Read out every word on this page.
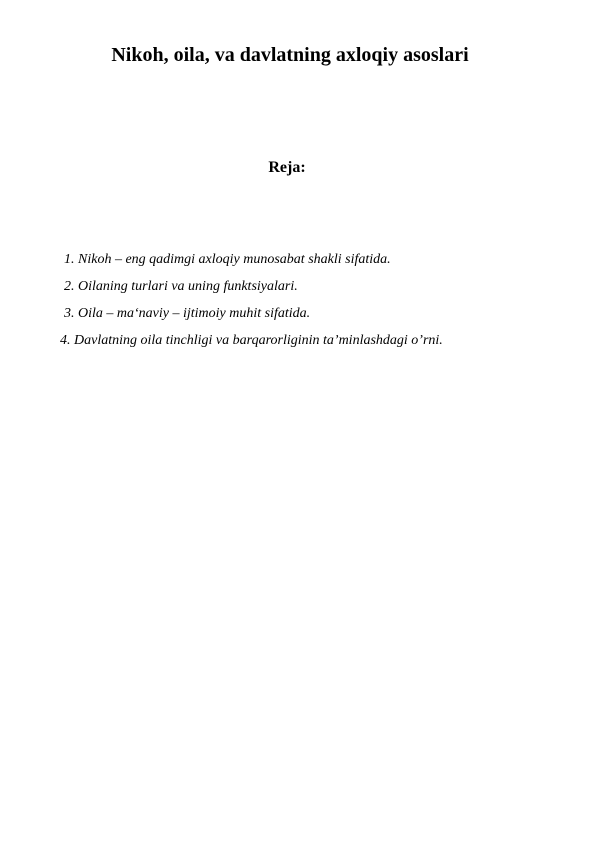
Nikoh, oila, va davlatning axloqiy asoslari
Reja:
1. Nikoh – eng qadimgi axloqiy munosabat shakli sifatida.
2. Oilaning turlari va uning funktsiyalari.
3. Oila – ma‘naviy – ijtimoiy muhit sifatida.
4. Davlatning oila tinchligi va barqarorliginin ta’minlashdagi o’rni.
